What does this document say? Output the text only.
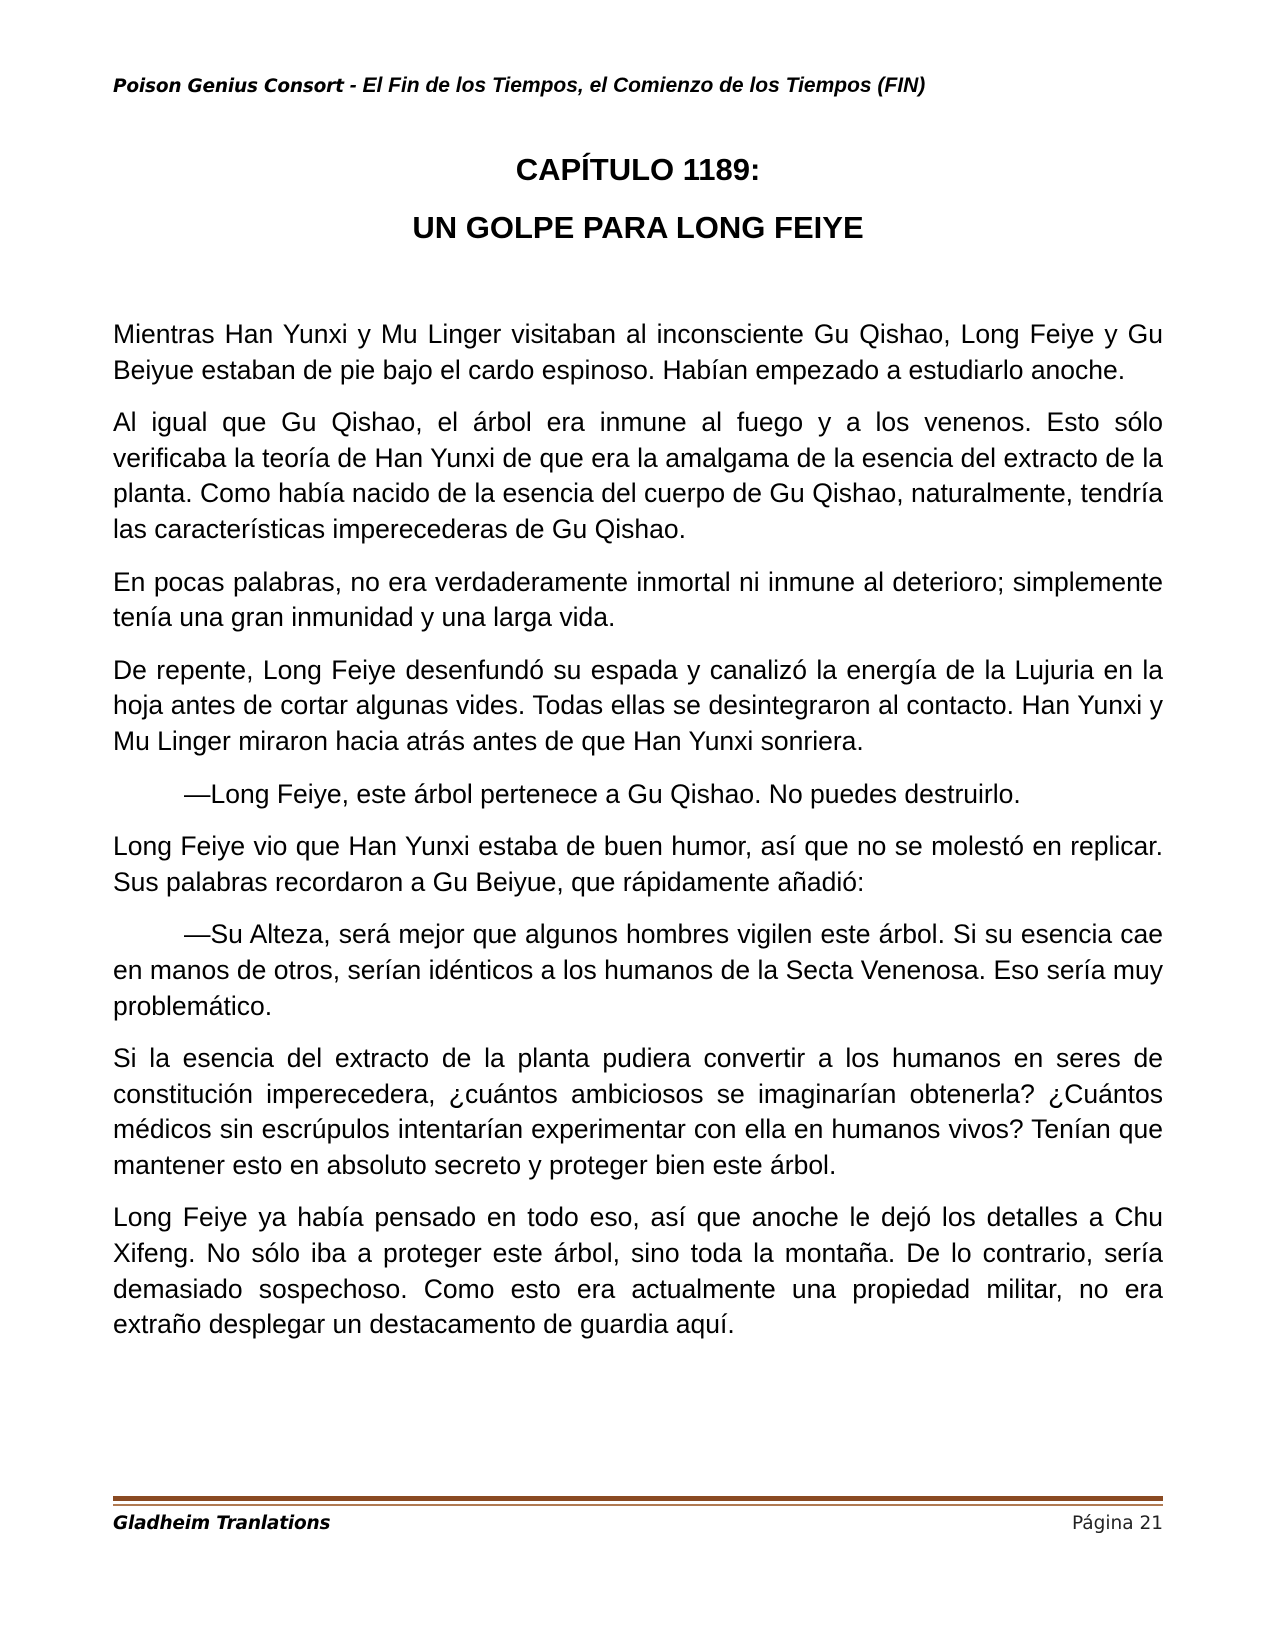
Poison Genius Consort - El Fin de los Tiempos, el Comienzo de los Tiempos (FIN)
CAPÍTULO 1189:
UN GOLPE PARA LONG FEIYE

Mientras Han Yunxi y Mu Linger visitaban al inconsciente Gu Qishao, Long Feiye y Gu Beiyue estaban de pie bajo el cardo espinoso. Habían empezado a estudiarlo anoche.

Al igual que Gu Qishao, el árbol era inmune al fuego y a los venenos. Esto sólo verificaba la teoría de Han Yunxi de que era la amalgama de la esencia del extracto de la planta. Como había nacido de la esencia del cuerpo de Gu Qishao, naturalmente, tendría las características imperecederas de Gu Qishao.

En pocas palabras, no era verdaderamente inmortal ni inmune al deterioro; simplemente tenía una gran inmunidad y una larga vida.

De repente, Long Feiye desenfundó su espada y canalizó la energía de la Lujuria en la hoja antes de cortar algunas vides. Todas ellas se desintegraron al contacto. Han Yunxi y Mu Linger miraron hacia atrás antes de que Han Yunxi sonriera.

—Long Feiye, este árbol pertenece a Gu Qishao. No puedes destruirlo.

Long Feiye vio que Han Yunxi estaba de buen humor, así que no se molestó en replicar. Sus palabras recordaron a Gu Beiyue, que rápidamente añadió:

—Su Alteza, será mejor que algunos hombres vigilen este árbol. Si su esencia cae en manos de otros, serían idénticos a los humanos de la Secta Venenosa. Eso sería muy problemático.

Si la esencia del extracto de la planta pudiera convertir a los humanos en seres de constitución imperecedera, ¿cuántos ambiciosos se imaginarían obtenerla? ¿Cuántos médicos sin escrúpulos intentarían experimentar con ella en humanos vivos? Tenían que mantener esto en absoluto secreto y proteger bien este árbol.

Long Feiye ya había pensado en todo eso, así que anoche le dejó los detalles a Chu Xifeng. No sólo iba a proteger este árbol, sino toda la montaña. De lo contrario, sería demasiado sospechoso. Como esto era actualmente una propiedad militar, no era extraño desplegar un destacamento de guardia aquí.

Gladheim Tranlations	Página 21
